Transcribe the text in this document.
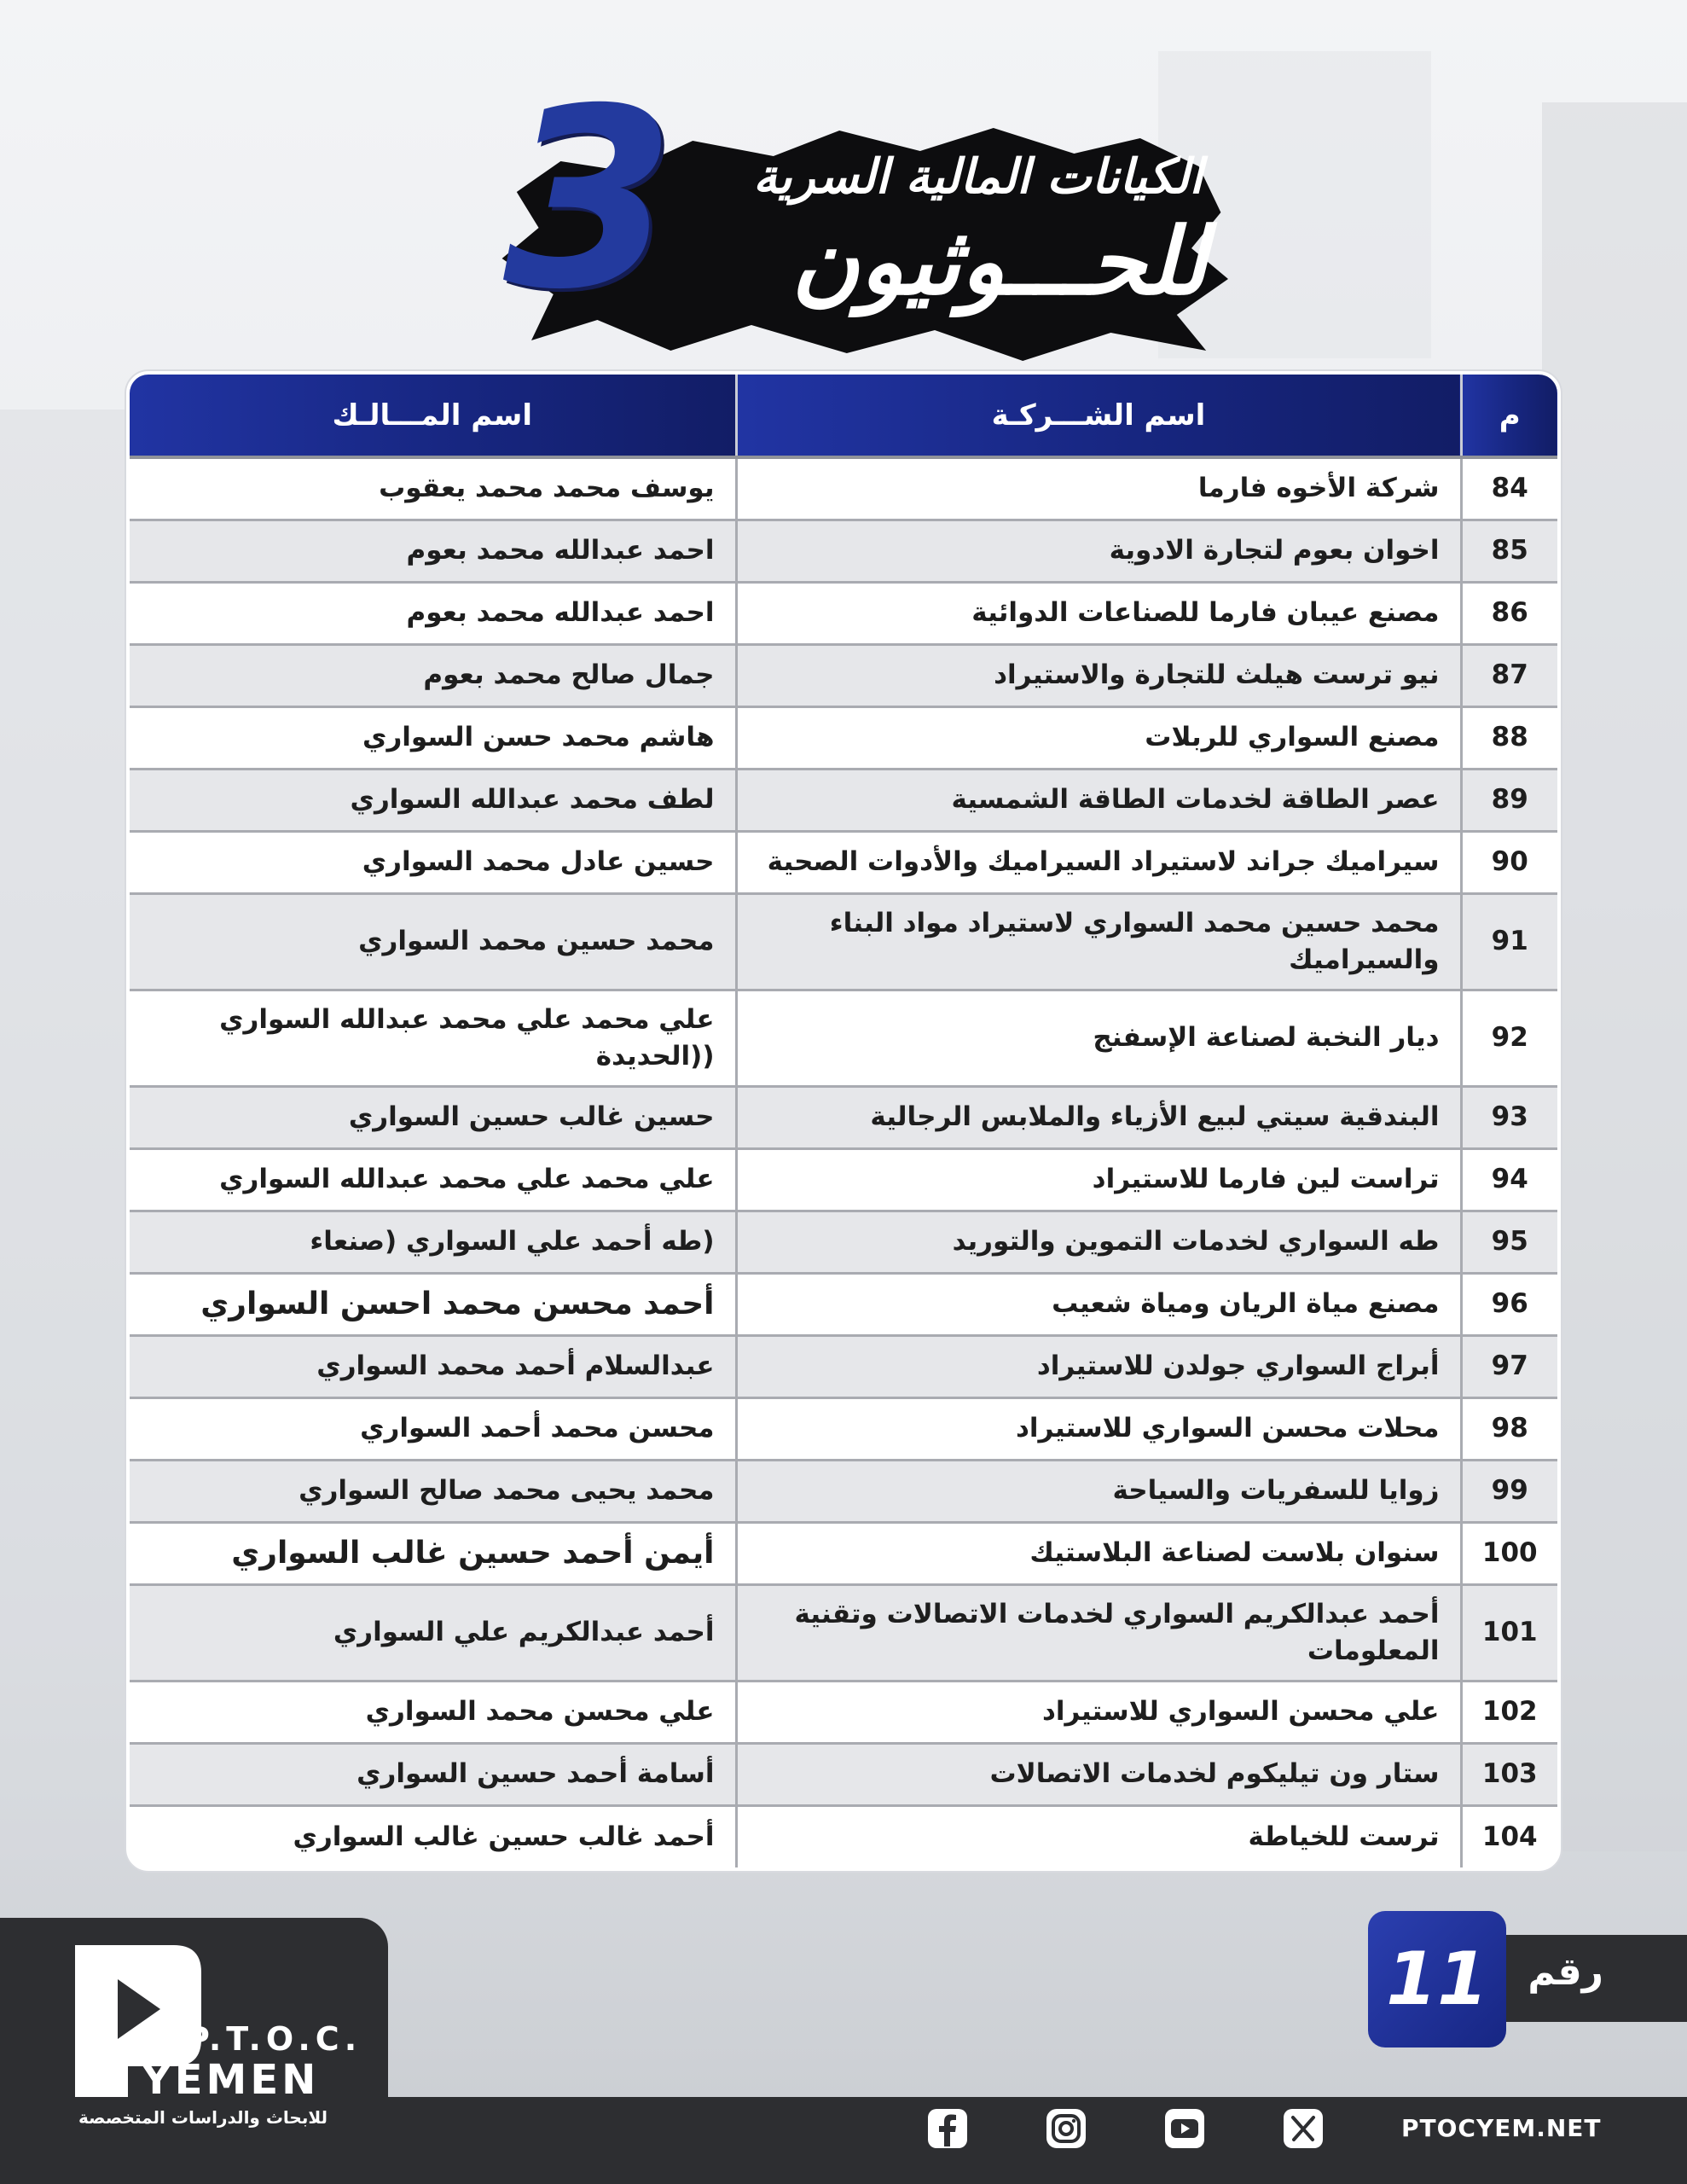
3 الكيانات المالية السرية
للحـــوثيون
م	اسم الشـــركـة	اسم المـــالـك
84	شركة الأخوه فارما	يوسف محمد محمد يعقوب
85	اخوان بعوم لتجارة الادوية	احمد عبدالله محمد بعوم
86	مصنع عيبان فارما للصناعات الدوائية	احمد عبدالله محمد بعوم
87	نيو ترست هيلث للتجارة والاستيراد	جمال صالح محمد بعوم
88	مصنع السواري للربلات	هاشم محمد حسن السواري
89	عصر الطاقة لخدمات الطاقة الشمسية	لطف محمد عبدالله السواري
90	سيراميك جراند لاستيراد السيراميك والأدوات الصحية	حسين عادل محمد السواري
91	محمد حسين محمد السواري لاستيراد مواد البناء والسيراميك	محمد حسين محمد السواري
92	ديار النخبة لصناعة الإسفنج	علي محمد علي محمد عبدالله السواري ((الحديدة
93	البندقية سيتي لبيع الأزياء والملابس الرجالية	حسين غالب حسين السواري
94	تراست لين فارما للاستيراد	علي محمد علي محمد عبدالله السواري
95	طه السواري لخدمات التموين والتوريد	(طه أحمد علي السواري (صنعاء
96	مصنع مياة الريان ومياة شعيب	أحمد محسن محمد احسن السواري
97	أبراج السواري جولدن للاستيراد	عبدالسلام أحمد محمد السواري
98	محلات محسن السواري للاستيراد	محسن محمد أحمد السواري
99	زوايا للسفريات والسياحة	محمد يحيى محمد صالح السواري
100	سنوان بلاست لصناعة البلاستيك	أيمن أحمد حسين غالب السواري
101	أحمد عبدالكريم السواري لخدمات الاتصالات وتقنية المعلومات	أحمد عبدالكريم علي السواري
102	علي محسن السواري للاستيراد	علي محسن محمد السواري
103	ستار ون تيليكوم لخدمات الاتصالات	أسامة أحمد حسين السواري
104	ترست للخياطة	أحمد غالب حسين غالب السواري
P.T.O.C.
YEMEN
للابحاث والدراسات المتخصصة
رقم
11
PTOCYEM.NET
